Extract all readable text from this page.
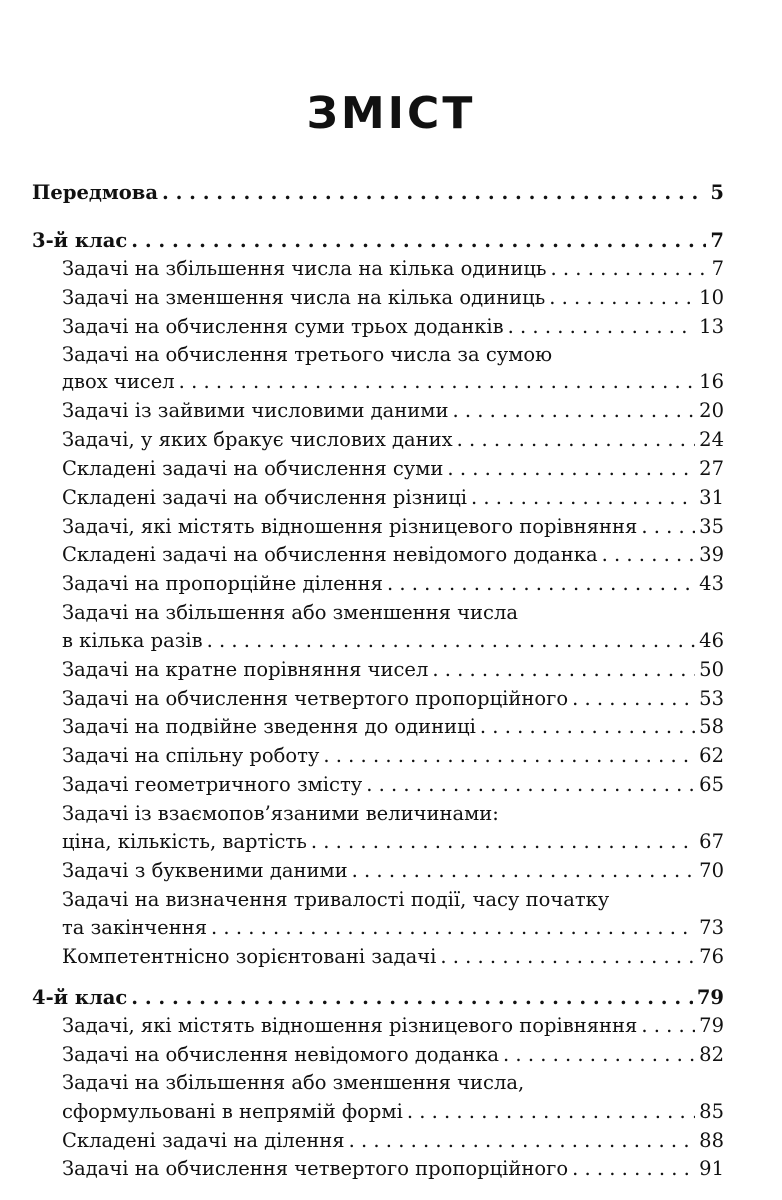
ЗМІСТ
Передмова . . .	5
3-й клас . . .	7
Задачі на збільшення числа на кілька одиниць . . .	7
Задачі на зменшення числа на кілька одиниць . . .	10
Задачі на обчислення суми трьох доданків . . .	13
Задачі на обчислення третього числа за сумою
двох чисел . . .	16
Задачі із зайвими числовими даними . . .	20
Задачі, у яких бракує числових даних . . .	24
Складені задачі на обчислення суми . . .	27
Складені задачі на обчислення різниці . . .	31
Задачі, які містять відношення різницевого порівняння . . .	35
Складені задачі на обчислення невідомого доданка . . .	39
Задачі на пропорційне ділення . . .	43
Задачі на збільшення або зменшення числа
в кілька разів . . .	46
Задачі на кратне порівняння чисел . . .	50
Задачі на обчислення четвертого пропорційного . . .	53
Задачі на подвійне зведення до одиниці . . .	58
Задачі на спільну роботу . . .	62
Задачі геометричного змісту . . .	65
Задачі із взаємопов’язаними величинами:
ціна, кількість, вартість . . .	67
Задачі з буквеними даними . . .	70
Задачі на визначення тривалості події, часу початку
та закінчення . . .	73
Компетентнісно зорієнтовані задачі . . .	76
4-й клас . . .	79
Задачі, які містять відношення різницевого порівняння . . .	79
Задачі на обчислення невідомого доданка . . .	82
Задачі на збільшення або зменшення числа,
сформульовані в непрямій формі . . .	85
Складені задачі на ділення . . .	88
Задачі на обчислення четвертого пропорційного . . .	91
